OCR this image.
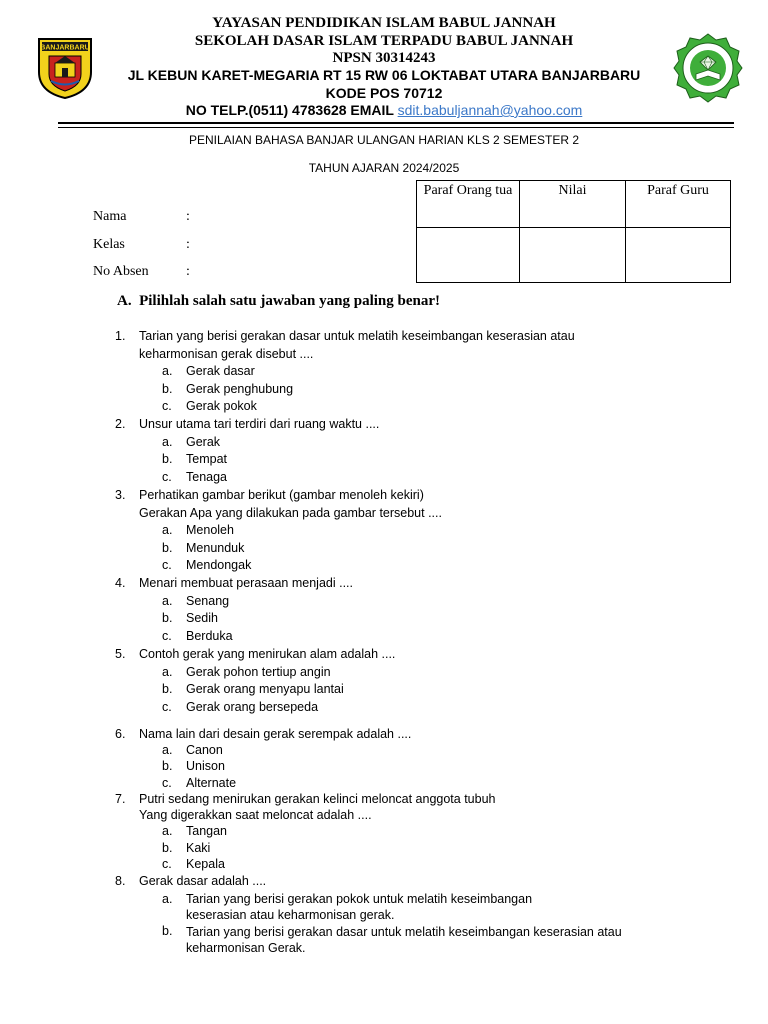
BANJARBARU
YAYASAN PENDIDIKAN ISLAM BABUL JANNAH
SEKOLAH DASAR ISLAM TERPADU BABUL JANNAH
NPSN 30314243
JL KEBUN KARET-MEGARIA RT 15 RW 06 LOKTABAT UTARA BANJARBARU
KODE POS 70712
NO TELP.(0511) 4783628 EMAIL sdit.babuljannah@yahoo.com
PENILAIAN BAHASA BANJAR ULANGAN HARIAN KLS 2 SEMESTER 2
TAHUN AJARAN 2024/2025
Nama	:
Kelas	:
No Absen	:
Paraf Orang tua	Nilai	Paraf Guru

A. Pilihlah salah satu jawaban yang paling benar!
1. Tarian yang berisi gerakan dasar untuk melatih keseimbangan keserasian atau
keharmonisan gerak disebut ....
a. Gerak dasar
b. Gerak penghubung
c. Gerak pokok
2. Unsur utama tari terdiri dari ruang waktu ....
a. Gerak
b. Tempat
c. Tenaga
3. Perhatikan gambar berikut (gambar menoleh kekiri)
Gerakan Apa yang dilakukan pada gambar tersebut ....
a. Menoleh
b. Menunduk
c. Mendongak
4. Menari membuat perasaan menjadi ....
a. Senang
b. Sedih
c. Berduka
5. Contoh gerak yang menirukan alam adalah ....
a. Gerak pohon tertiup angin
b. Gerak orang menyapu lantai
c. Gerak orang bersepeda
6. Nama lain dari desain gerak serempak adalah ....
a. Canon
b. Unison
c. Alternate
7. Putri sedang menirukan gerakan kelinci meloncat anggota tubuh
Yang digerakkan saat meloncat adalah ....
a. Tangan
b. Kaki
c. Kepala
8. Gerak dasar adalah ....
a. Tarian yang berisi gerakan pokok untuk melatih keseimbangan
keserasian atau keharmonisan gerak.
b. Tarian yang berisi gerakan dasar untuk melatih keseimbangan keserasian atau
keharmonisan Gerak.
